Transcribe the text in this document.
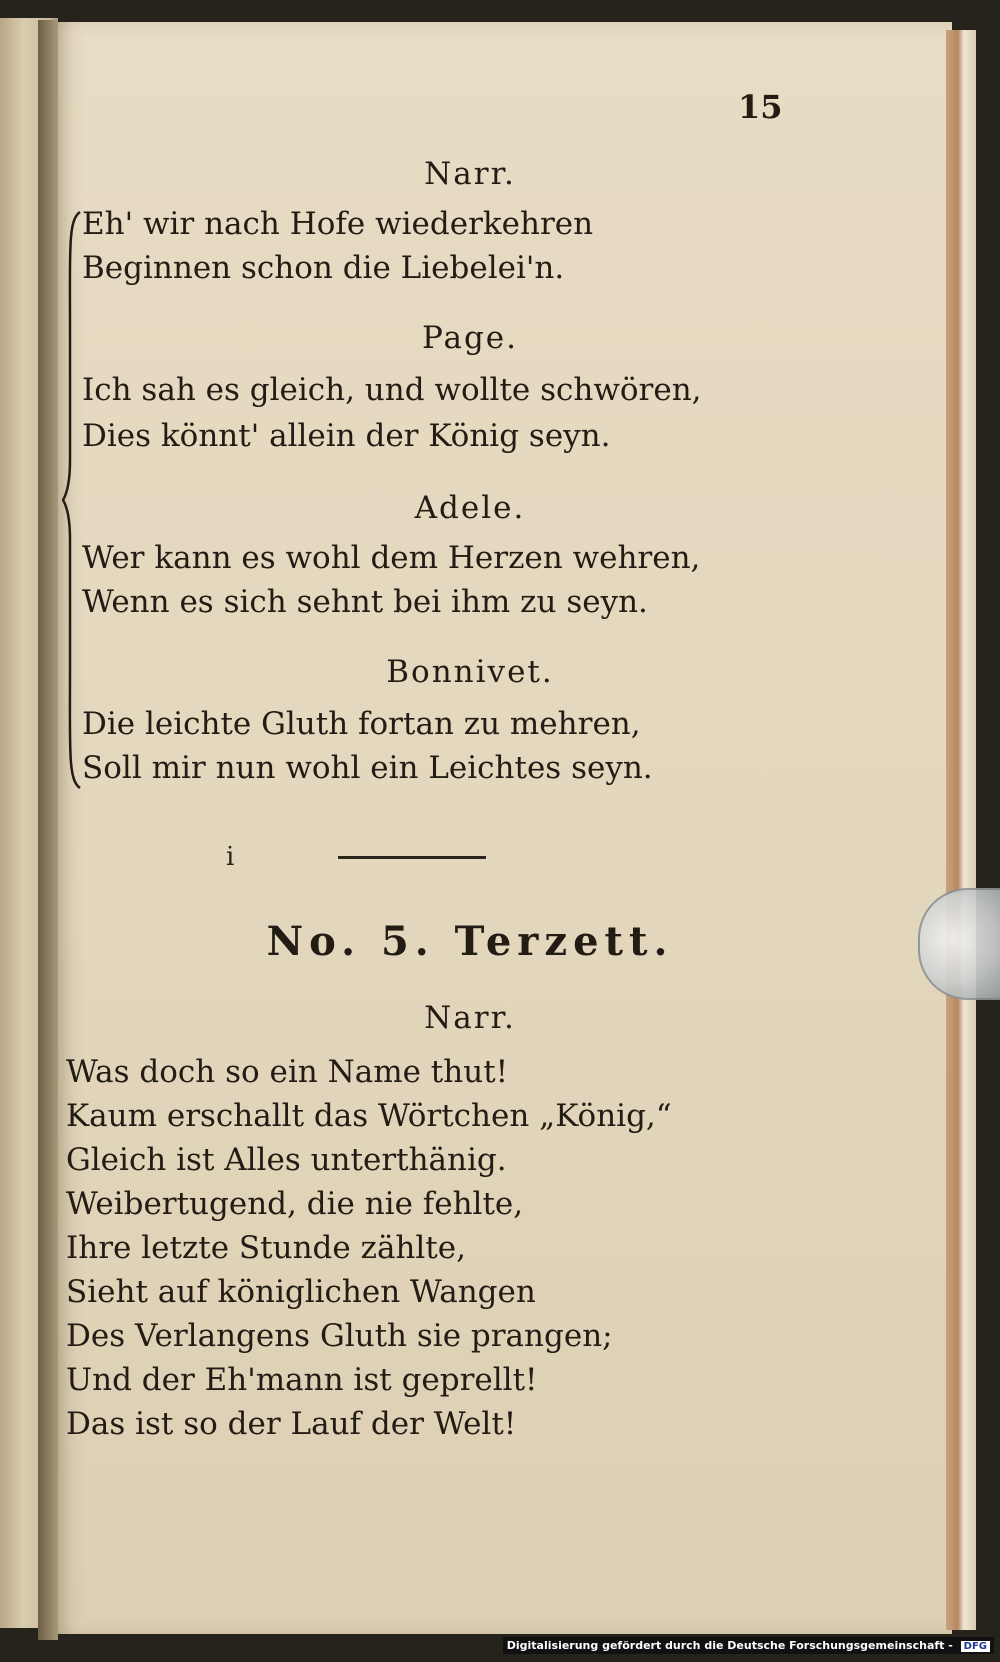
15
Narr.
Eh' wir nach Hofe wiederkehren
Beginnen schon die Liebelei'n.
Page.
Ich sah es gleich, und wollte schwören,
Dies könnt' allein der König seyn.
Adele.
Wer kann es wohl dem Herzen wehren,
Wenn es sich sehnt bei ihm zu seyn.
Bonnivet.
Die leichte Gluth fortan zu mehren,
Soll mir nun wohl ein Leichtes seyn.
No. 5. Terzett.
Narr.
Was doch so ein Name thut!
Kaum erschallt das Wörtchen „König,“
Gleich ist Alles unterthänig.
Weibertugend, die nie fehlte,
Ihre letzte Stunde zählte,
Sieht auf königlichen Wangen
Des Verlangens Gluth sie prangen;
Und der Eh'mann ist geprellt!
Das ist so der Lauf der Welt!
ⅰ
Digitalisierung gefördert durch die Deutsche Forschungsgemeinschaft - DFG
